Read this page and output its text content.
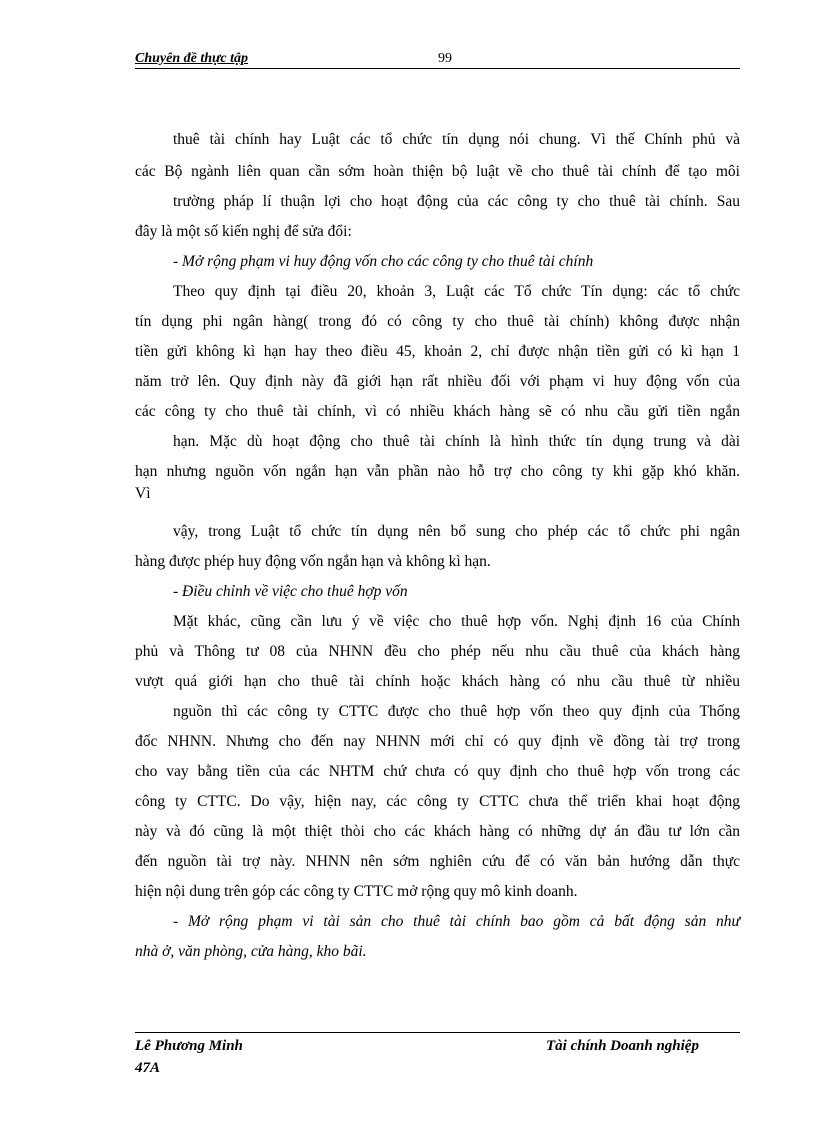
Chuyên đề thực tập	99
thuê tài chính hay Luật các tổ chức tín dụng nói chung. Vì thế Chính phủ và
các Bộ ngành liên quan cần sớm hoàn thiện bộ luật về cho thuê tài chính để tạo môi
trường pháp lí thuận lợi cho hoạt động của các công ty cho thuê tài chính. Sau
đây là một số kiến nghị để sửa đổi:
- Mở rộng phạm vi huy động vốn cho các công ty cho thuê tài chính
Theo quy định tại điều 20, khoản 3, Luật các Tổ chức Tín dụng: các tổ chức
tín dụng phi ngân hàng( trong đó có công ty cho thuê tài chính) không được nhận
tiền gửi không kì hạn hay theo điều 45, khoản 2, chỉ được nhận tiền gửi có kì hạn 1
năm trở lên. Quy định này đã giới hạn rất nhiều đối với phạm vi huy động vốn của
các công ty cho thuê tài chính, vì có nhiều khách hàng sẽ có nhu cầu gửi tiền ngắn
hạn. Mặc dù hoạt động cho thuê tài chính là hình thức tín dụng trung và dài
hạn nhưng nguồn vốn ngắn hạn vẫn phần nào hỗ trợ cho công ty khi gặp khó khăn.
Vì
vậy, trong Luật tổ chức tín dụng nên bổ sung cho phép các tổ chức phi ngân
hàng được phép huy động vốn ngắn hạn và không kì hạn.
- Điều chỉnh về việc cho thuê hợp vốn
Mặt khác, cũng cần lưu ý về việc cho thuê hợp vốn. Nghị định 16 của Chính
phủ và Thông tư 08 của NHNN đều cho phép nếu nhu cầu thuê của khách hàng
vượt quá giới hạn cho thuê tài chính hoặc khách hàng có nhu cầu thuê từ nhiều
nguồn thì các công ty CTTC được cho thuê hợp vốn theo quy định của Thống
đốc NHNN. Nhưng cho đến nay NHNN mới chỉ có quy định về đồng tài trợ trong
cho vay bằng tiền của các NHTM chứ chưa có quy định cho thuê hợp vốn trong các
công ty CTTC. Do vậy, hiện nay, các công ty CTTC chưa thể triển khai hoạt động
này và đó cũng là một thiệt thòi cho các khách hàng có những dự án đầu tư lớn cần
đến nguồn tài trợ này. NHNN nên sớm nghiên cứu để có văn bản hướng dẫn thực
hiện nội dung trên góp các công ty CTTC mở rộng quy mô kinh doanh.
- Mở rộng phạm vi tài sản cho thuê tài chính bao gồm cả bất động sản như
nhà ở, văn phòng, cửa hàng, kho bãi.
Lê Phương Minh
47A
Tài chính Doanh nghiệp
